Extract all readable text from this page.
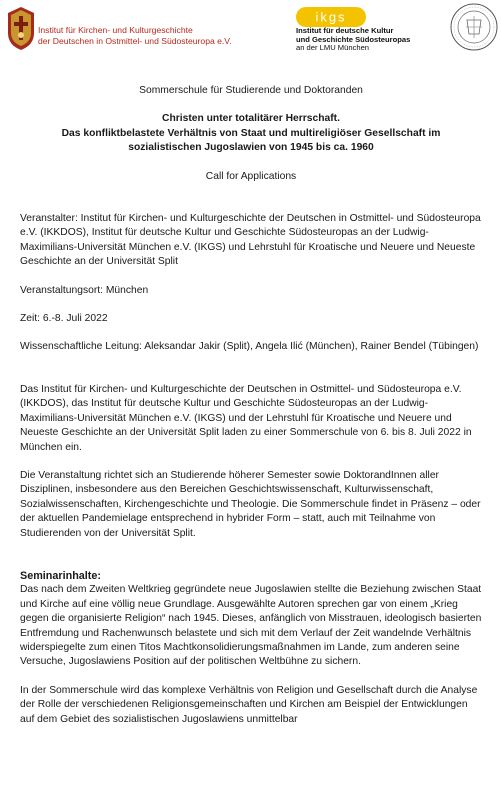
Institut für Kirchen- und Kulturgeschichte
der Deutschen in Ostmittel- und Südosteuropa e.V.
ikgs
Institut für deutsche Kultur
und Geschichte Südosteuropas
an der LMU München

Sommerschule für Studierende und Doktoranden

Christen unter totalitärer Herrschaft.

Das konfliktbelastete Verhältnis von Staat und multireligiöser Gesellschaft im

sozialistischen Jugoslawien von 1945 bis ca. 1960

Call for Applications

Veranstalter: Institut für Kirchen- und Kulturgeschichte der Deutschen in Ostmittel- und Südosteuropa e.V. (IKKDOS), Institut für deutsche Kultur und Geschichte Südosteuropas an der Ludwig-Maximilians-Universität München e.V. (IKGS) und Lehrstuhl für Kroatische und Neuere und Neueste Geschichte an der Universität Split

Veranstaltungsort: München

Zeit: 6.-8. Juli 2022

Wissenschaftliche Leitung: Aleksandar Jakir (Split), Angela Ilić (München), Rainer Bendel (Tübingen)

Das Institut für Kirchen- und Kulturgeschichte der Deutschen in Ostmittel- und Südosteuropa e.V. (IKKDOS), das Institut für deutsche Kultur und Geschichte Südosteuropas an der Ludwig-Maximilians-Universität München e.V. (IKGS) und der Lehrstuhl für Kroatische und Neuere und Neueste Geschichte an der Universität Split laden zu einer Sommerschule von 6. bis 8. Juli 2022 in München ein.

Die Veranstaltung richtet sich an Studierende höherer Semester sowie DoktorandInnen aller Disziplinen, insbesondere aus den Bereichen Geschichtswissenschaft, Kulturwissenschaft, Sozialwissenschaften, Kirchengeschichte und Theologie. Die Sommerschule findet in Präsenz – oder der aktuellen Pandemielage entsprechend in hybrider Form – statt, auch mit Teilnahme von Studierenden von der Universität Split.

Seminarinhalte:

Das nach dem Zweiten Weltkrieg gegründete neue Jugoslawien stellte die Beziehung zwischen Staat und Kirche auf eine völlig neue Grundlage. Ausgewählte Autoren sprechen gar von einem „Krieg gegen die organisierte Religion“ nach 1945. Dieses, anfänglich von Misstrauen, ideologisch basierten Entfremdung und Rachenwunsch belastete und sich mit dem Verlauf der Zeit wandelnde Verhältnis widerspiegelte zum einen Titos Machtkonsolidierungsmaßnahmen im Lande, zum anderen seine Versuche, Jugoslawiens Position auf der politischen Weltbühne zu sichern.

In der Sommerschule wird das komplexe Verhältnis von Religion und Gesellschaft durch die Analyse der Rolle der verschiedenen Religionsgemeinschaften und Kirchen am Beispiel der Entwicklungen auf dem Gebiet des sozialistischen Jugoslawiens unmittelbar
